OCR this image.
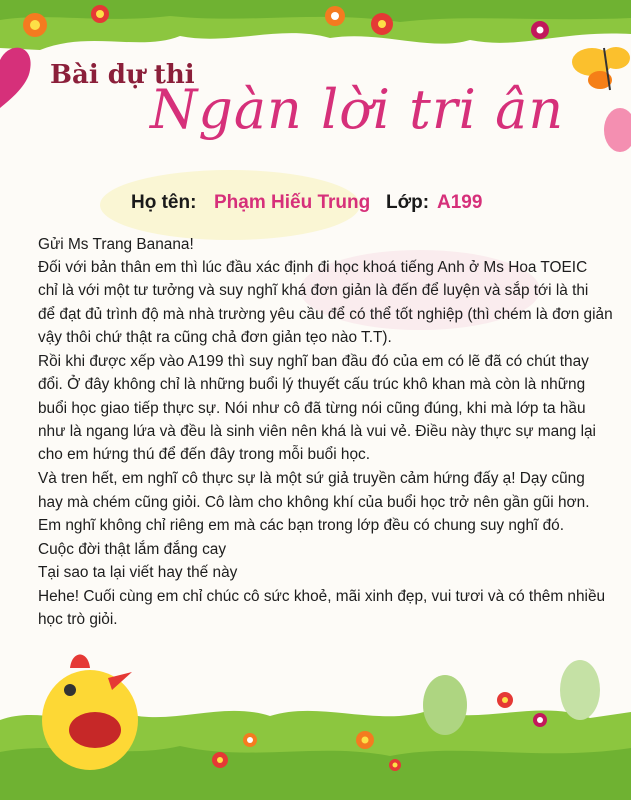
Bài dự thi
Ngàn lời tri ân
Họ tên: Phạm Hiếu Trung Lớp: A199
Gửi Ms Trang Banana!
Đối với bản thân em thì lúc đầu xác định đi học khoá tiếng Anh ở Ms Hoa TOEIC
chỉ là với một tư tưởng và suy nghĩ khá đơn giản là đến để luyện và sắp tới là thi
để đạt đủ trình độ mà nhà trường yêu cầu để có thể tốt nghiệp (thì chém là đơn giản
vậy thôi chứ thật ra cũng chả đơn giản tẹo nào T.T).
Rồi khi được xếp vào A199 thì suy nghĩ ban đầu đó của em có lẽ đã có chút thay
đổi. Ở đây không chỉ là những buổi lý thuyết cấu trúc khô khan mà còn là những
buổi học giao tiếp thực sự. Nói như cô đã từng nói cũng đúng, khi mà lớp ta hầu
như là ngang lứa và đều là sinh viên nên khá là vui vẻ. Điều này thực sự mang lại
cho em hứng thú để đến đây trong mỗi buổi học.
Và tren hết, em nghĩ cô thực sự là một sứ giả truyền cảm hứng đấy ạ! Dạy cũng
hay mà chém cũng giỏi. Cô làm cho không khí của buổi học trở nên gần gũi hơn.
Em nghĩ không chỉ riêng em mà các bạn trong lớp đều có chung suy nghĩ đó.
Cuộc đời thật lắm đắng cay
Tại sao ta lại viết hay thế này
Hehe! Cuối cùng em chỉ chúc cô sức khoẻ, mãi xinh đẹp, vui tươi và có thêm nhiều
học trò giỏi.
